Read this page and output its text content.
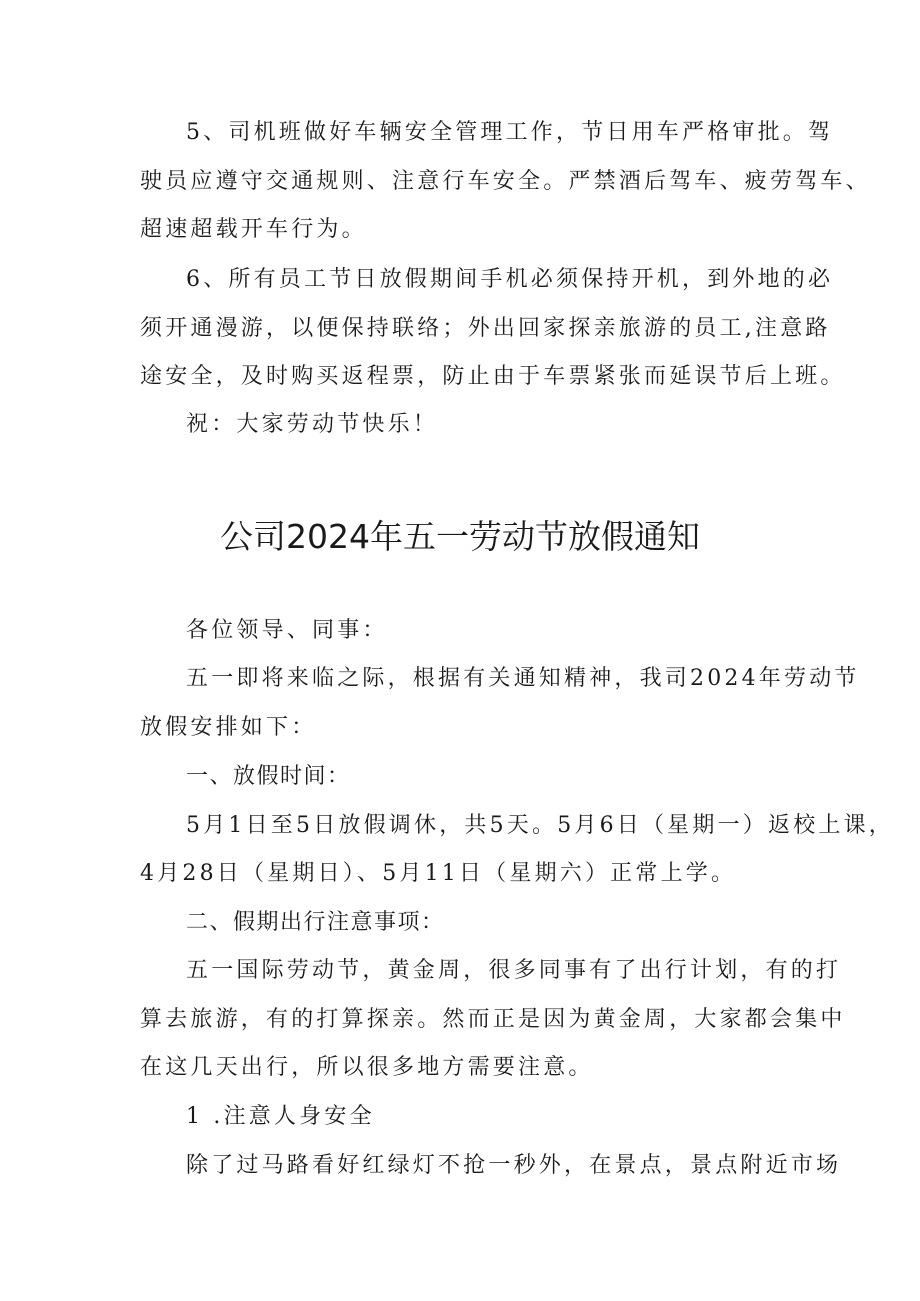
5、司机班做好车辆安全管理工作，节日用车严格审批。驾
驶员应遵守交通规则、注意行车安全。严禁酒后驾车、疲劳驾车、
超速超载开车行为。
6、所有员工节日放假期间手机必须保持开机，到外地的必
须开通漫游，以便保持联络；外出回家探亲旅游的员工,注意路
途安全，及时购买返程票，防止由于车票紧张而延误节后上班。
祝：大家劳动节快乐！
公司2024年五一劳动节放假通知
各位领导、同事：
五一即将来临之际，根据有关通知精神，我司2024年劳动节
放假安排如下：
一、放假时间：
5月1日至5日放假调休，共5天。5月6日（星期一）返校上课，
4月28日（星期日）、5月11日（星期六）正常上学。
二、假期出行注意事项：
五一国际劳动节，黄金周，很多同事有了出行计划，有的打
算去旅游，有的打算探亲。然而正是因为黄金周，大家都会集中
在这几天出行，所以很多地方需要注意。
1 .注意人身安全
除了过马路看好红绿灯不抢一秒外，在景点，景点附近市场
